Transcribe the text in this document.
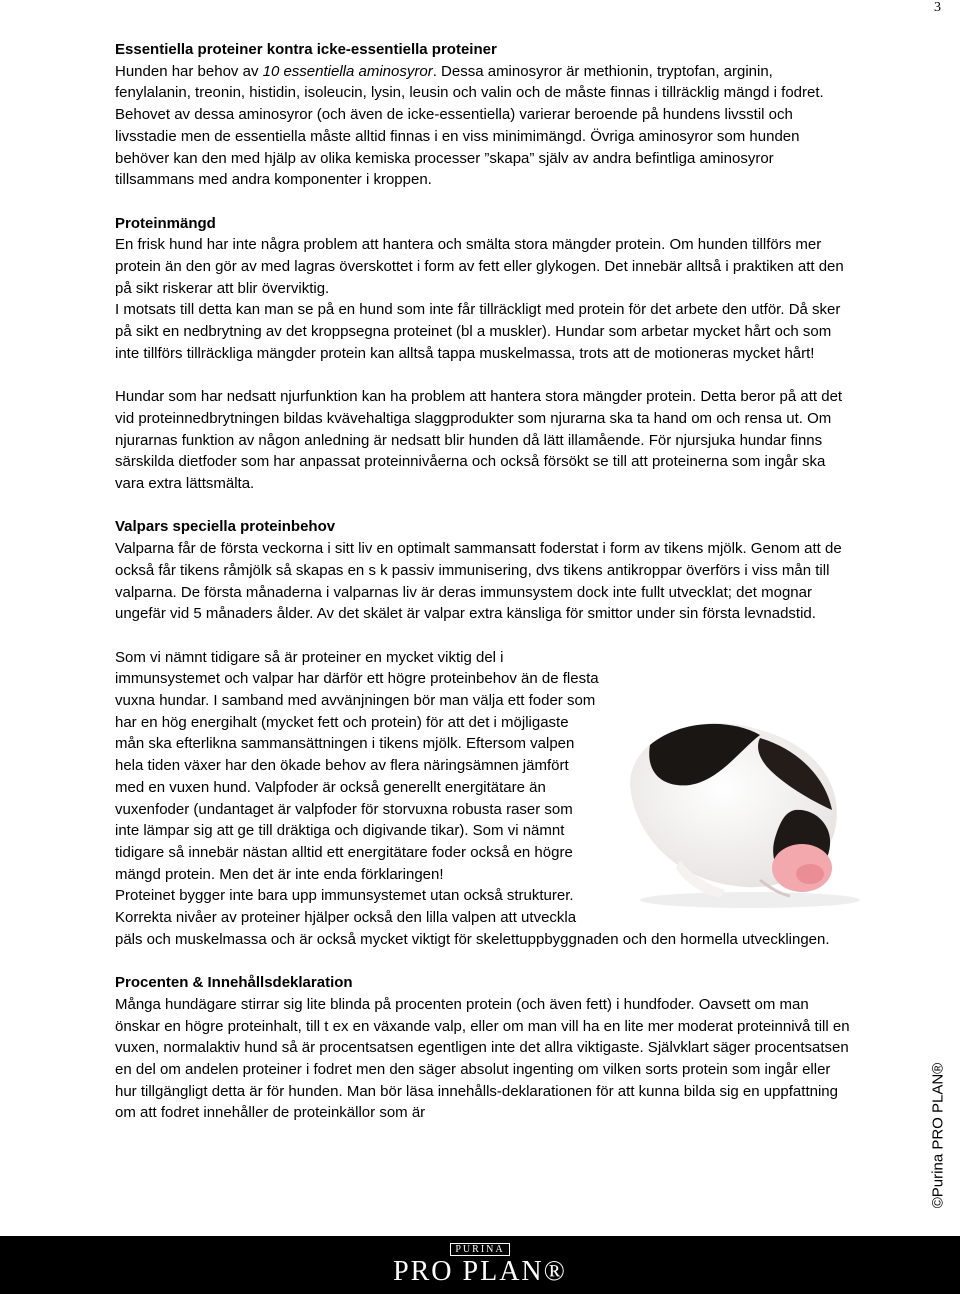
3

Essentiella proteiner kontra icke-essentiella proteiner

Hunden har behov av 10 essentiella aminosyror. Dessa aminosyror är methionin, tryptofan, arginin, fenylalanin, treonin, histidin, isoleucin, lysin, leusin och valin och de måste finnas i tillräcklig mängd i fodret. Behovet av dessa aminosyror (och även de icke-essentiella) varierar beroende på hundens livsstil och livsstadie men de essentiella måste alltid finnas i en viss minimimängd. Övriga aminosyror som hunden behöver kan den med hjälp av olika kemiska processer ”skapa” själv av andra befintliga aminosyror tillsammans med andra komponenter i kroppen.

Proteinmängd

En frisk hund har inte några problem att hantera och smälta stora mängder protein. Om hunden tillförs mer protein än den gör av med lagras överskottet i form av fett eller glykogen. Det innebär alltså i praktiken att den på sikt riskerar att blir överviktig.

I motsats till detta kan man se på en hund som inte får tillräckligt med protein för det arbete den utför. Då sker på sikt en nedbrytning av det kroppsegna proteinet (bl a muskler). Hundar som arbetar mycket hårt och som inte tillförs tillräckliga mängder protein kan alltså tappa muskelmassa, trots att de motioneras mycket hårt!

Hundar som har nedsatt njurfunktion kan ha problem att hantera stora mängder protein. Detta beror på att det vid proteinnedbrytningen bildas kvävehaltiga slaggprodukter som njurarna ska ta hand om och rensa ut. Om njurarnas funktion av någon anledning är nedsatt blir hunden då lätt illamående. För njursjuka hundar finns särskilda dietfoder som har anpassat proteinnivåerna och också försökt se till att proteinerna som ingår ska vara extra lättsmälta.

Valpars speciella proteinbehov

Valparna får de första veckorna i sitt liv en optimalt sammansatt foderstat i form av tikens mjölk. Genom att de också får tikens råmjölk så skapas en s k passiv immunisering, dvs tikens antikroppar överförs i viss mån till valparna. De första månaderna i valparnas liv är deras immunsystem dock inte fullt utvecklat; det mognar ungefär vid 5 månaders ålder. Av det skälet är valpar extra känsliga för smittor under sin första levnadstid.

Som vi nämnt tidigare så är proteiner en mycket viktig del i immunsystemet och valpar har därför ett högre proteinbehov än de flesta vuxna hundar. I samband med avvänjningen bör man välja ett foder som har en hög energihalt (mycket fett och protein) för att det i möjligaste mån ska efterlikna sammansättningen i tikens mjölk. Eftersom valpen hela tiden växer har den ökade behov av flera näringsämnen jämfört med en vuxen hund. Valpfoder är också generellt energitätare än vuxenfoder (undantaget är valpfoder för storvuxna robusta raser som inte lämpar sig att ge till dräktiga och digivande tikar). Som vi nämnt tidigare så innebär nästan alltid ett energitätare foder också en högre mängd protein. Men det är inte enda förklaringen!

Proteinet bygger inte bara upp immunsystemet utan också strukturer. Korrekta nivåer av proteiner hjälper också den lilla valpen att utveckla päls och muskelmassa och är också mycket viktigt för skelettuppbyggnaden och den hormella utvecklingen.

Procenten & Innehållsdeklaration

Många hundägare stirrar sig lite blinda på procenten protein (och även fett) i hundfoder. Oavsett om man önskar en högre proteinhalt, till t ex en växande valp, eller om man vill ha en lite mer moderat proteinnivå till en vuxen, normalaktiv hund så är procentsatsen egentligen inte det allra viktigaste. Självklart säger procentsatsen en del om andelen proteiner i fodret men den säger absolut ingenting om vilken sorts protein som ingår eller hur tillgängligt detta är för hunden. Man bör läsa innehålls-deklarationen för att kunna bilda sig en uppfattning om att fodret innehåller de proteinkällor som är	©Purina PRO PLAN®
PURINA
PRO PLAN®
